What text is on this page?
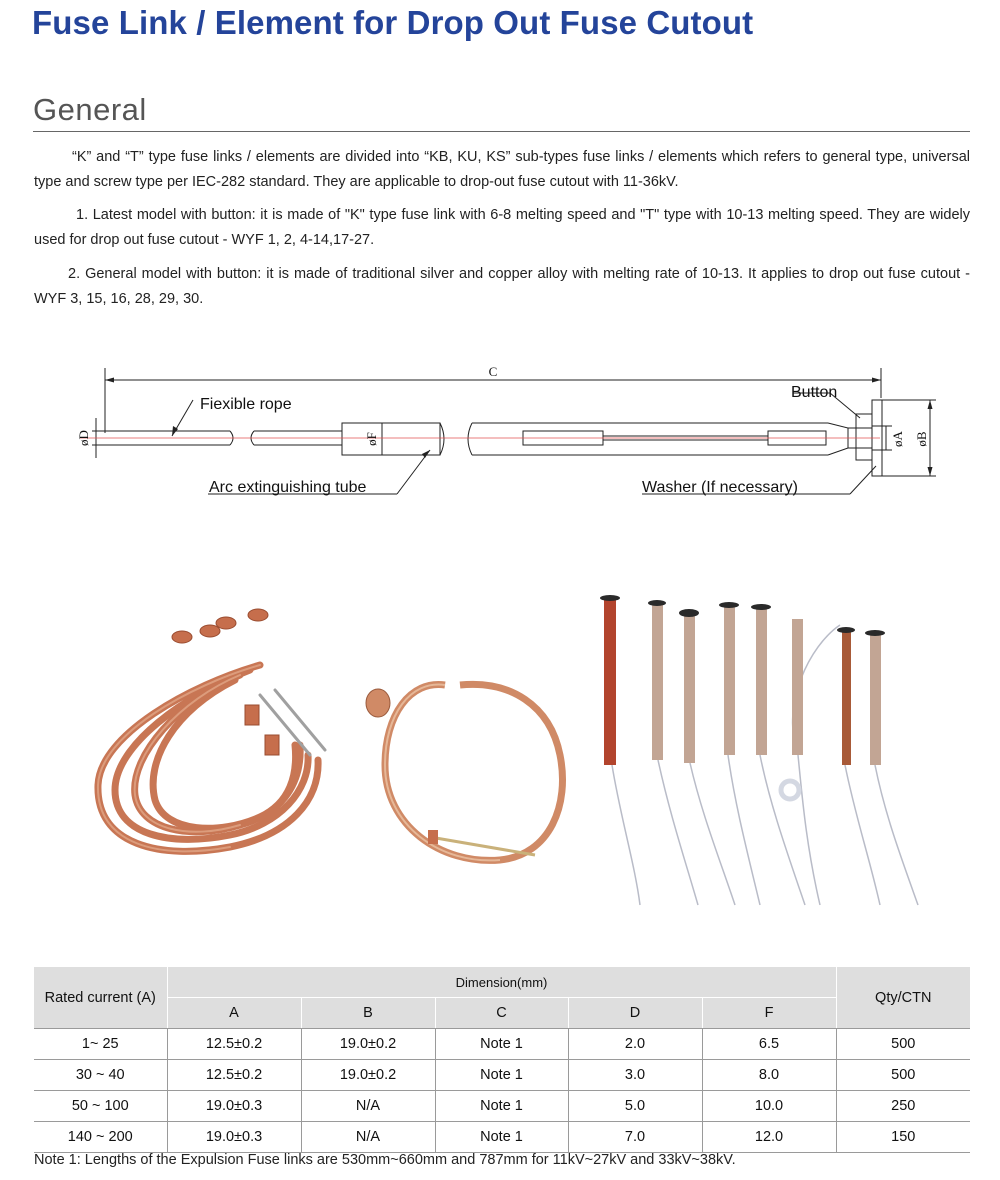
Fuse Link / Element for Drop Out Fuse Cutout
General

“K” and “T” type fuse links / elements are divided into “KB, KU, KS” sub-types fuse links / elements which refers to general type, universal type and screw type per IEC-282 standard. They are applicable to drop-out fuse cutout with 11-36kV.

1. Latest model with button: it is made of "K" type fuse link with 6-8 melting speed and "T" type with 10-13 melting speed. They are widely used for drop out fuse cutout - WYF 1, 2, 4-14,17-27.

2. General model with button: it is made of traditional silver and copper alloy with melting rate of 10-13. It applies to drop out fuse cutout - WYF 3, 15, 16, 28, 29, 30.

C
øD	øF	øA øB
Fiexible rope
Arc extinguishing tube
Button
Washer (If necessary)
Rated current (A)	Dimension(mm)					Qty/CTN
	A	B	C	D	F	
1~ 25	12.5±0.2	19.0±0.2	Note 1	2.0	6.5	500
30 ~ 40	12.5±0.2	19.0±0.2	Note 1	3.0	8.0	500
50 ~ 100	19.0±0.3	N/A	Note 1	5.0	10.0	250
140 ~ 200	19.0±0.3	N/A	Note 1	7.0	12.0	150

Note 1: Lengths of the Expulsion Fuse links are 530mm~660mm and 787mm for 11kV~27kV and 33kV~38kV.
